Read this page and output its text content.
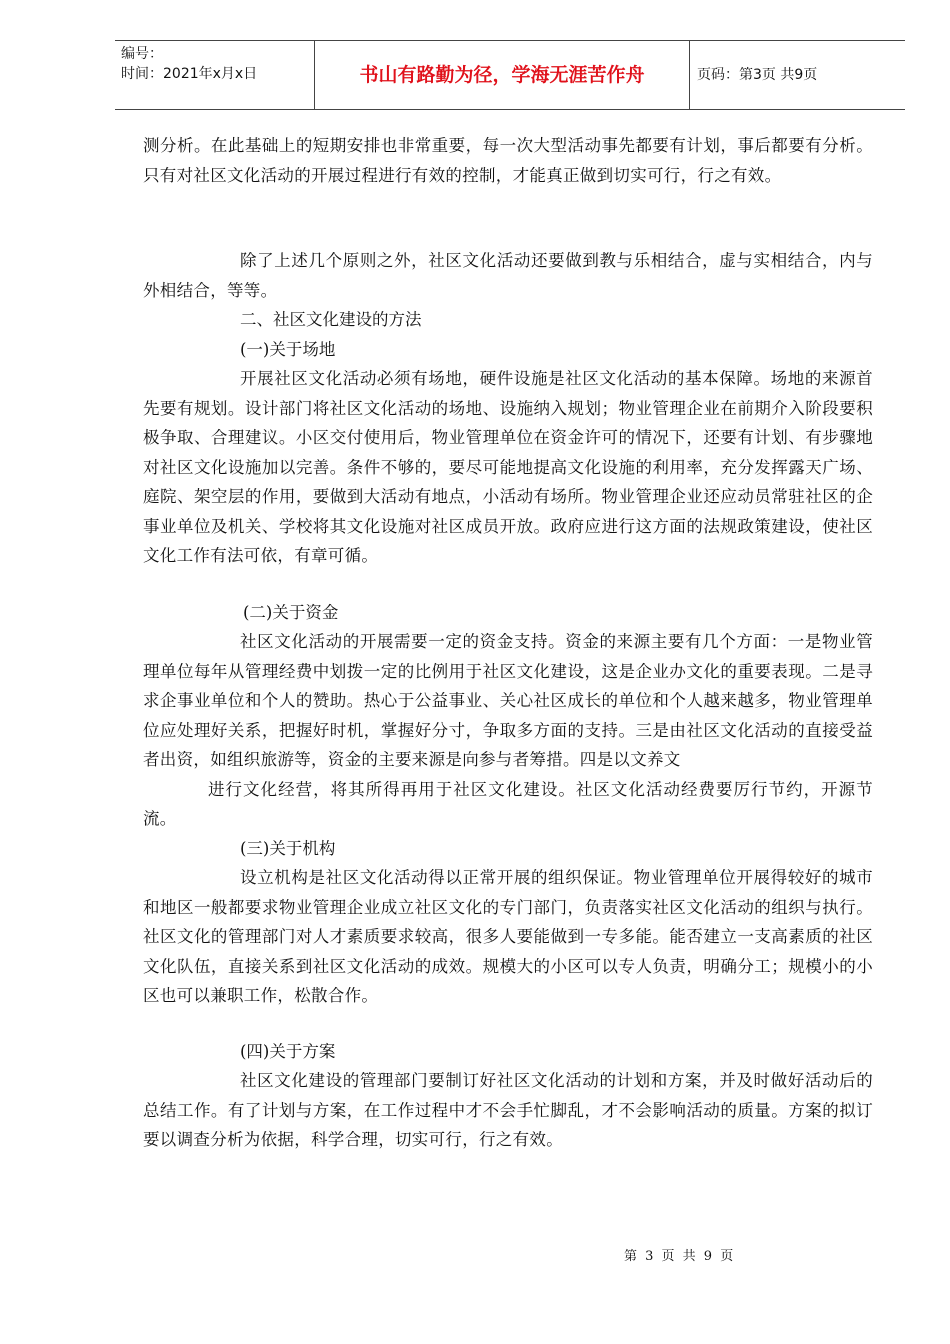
编号：
时间：2021年x月x日	书山有路勤为径，学海无涯苦作舟	页码：第3页 共9页

测分析。在此基础上的短期安排也非常重要，每一次大型活动事先都要有计划，事后都要有分析。只有对社区文化活动的开展过程进行有效的控制，才能真正做到切实可行，行之有效。

除了上述几个原则之外，社区文化活动还要做到教与乐相结合，虚与实相结合，内与外相结合，等等。

二、社区文化建设的方法

(一)关于场地

开展社区文化活动必须有场地，硬件设施是社区文化活动的基本保障。场地的来源首先要有规划。设计部门将社区文化活动的场地、设施纳入规划；物业管理企业在前期介入阶段要积极争取、合理建议。小区交付使用后，物业管理单位在资金许可的情况下，还要有计划、有步骤地对社区文化设施加以完善。条件不够的，要尽可能地提高文化设施的利用率，充分发挥露天广场、庭院、架空层的作用，要做到大活动有地点，小活动有场所。物业管理企业还应动员常驻社区的企事业单位及机关、学校将其文化设施对社区成员开放。政府应进行这方面的法规政策建设，使社区文化工作有法可依，有章可循。

(二)关于资金

社区文化活动的开展需要一定的资金支持。资金的来源主要有几个方面：一是物业管理单位每年从管理经费中划拨一定的比例用于社区文化建设，这是企业办文化的重要表现。二是寻求企事业单位和个人的赞助。热心于公益事业、关心社区成长的单位和个人越来越多，物业管理单位应处理好关系，把握好时机，掌握好分寸，争取多方面的支持。三是由社区文化活动的直接受益者出资，如组织旅游等，资金的主要来源是向参与者筹措。四是以文养文

进行文化经营，将其所得再用于社区文化建设。社区文化活动经费要厉行节约，开源节流。

(三)关于机构

设立机构是社区文化活动得以正常开展的组织保证。物业管理单位开展得较好的城市和地区一般都要求物业管理企业成立社区文化的专门部门，负责落实社区文化活动的组织与执行。社区文化的管理部门对人才素质要求较高，很多人要能做到一专多能。能否建立一支高素质的社区文化队伍，直接关系到社区文化活动的成效。规模大的小区可以专人负责，明确分工；规模小的小区也可以兼职工作，松散合作。

(四)关于方案

社区文化建设的管理部门要制订好社区文化活动的计划和方案，并及时做好活动后的总结工作。有了计划与方案，在工作过程中才不会手忙脚乱，才不会影响活动的质量。方案的拟订要以调查分析为依据，科学合理，切实可行，行之有效。

第 3 页 共 9 页
